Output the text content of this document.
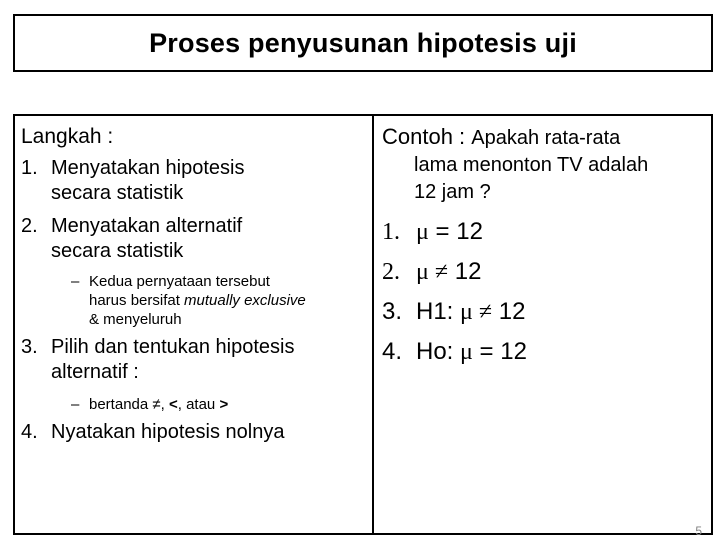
Proses penyusunan hipotesis uji
Langkah :
1. Menyatakan hipotesis
secara statistik
2. Menyatakan alternatif
secara statistik
– Kedua pernyataan tersebut
harus bersifat mutually exclusive
& menyeluruh
3. Pilih dan tentukan hipotesis
alternatif :
– bertanda ≠, <, atau >
4. Nyatakan hipotesis nolnya
Contoh : Apakah rata-rata
lama menonton TV adalah
12 jam ?
1. μ = 12
2. μ ≠ 12
3. H1: μ ≠ 12
4. Ho: μ = 12
5
